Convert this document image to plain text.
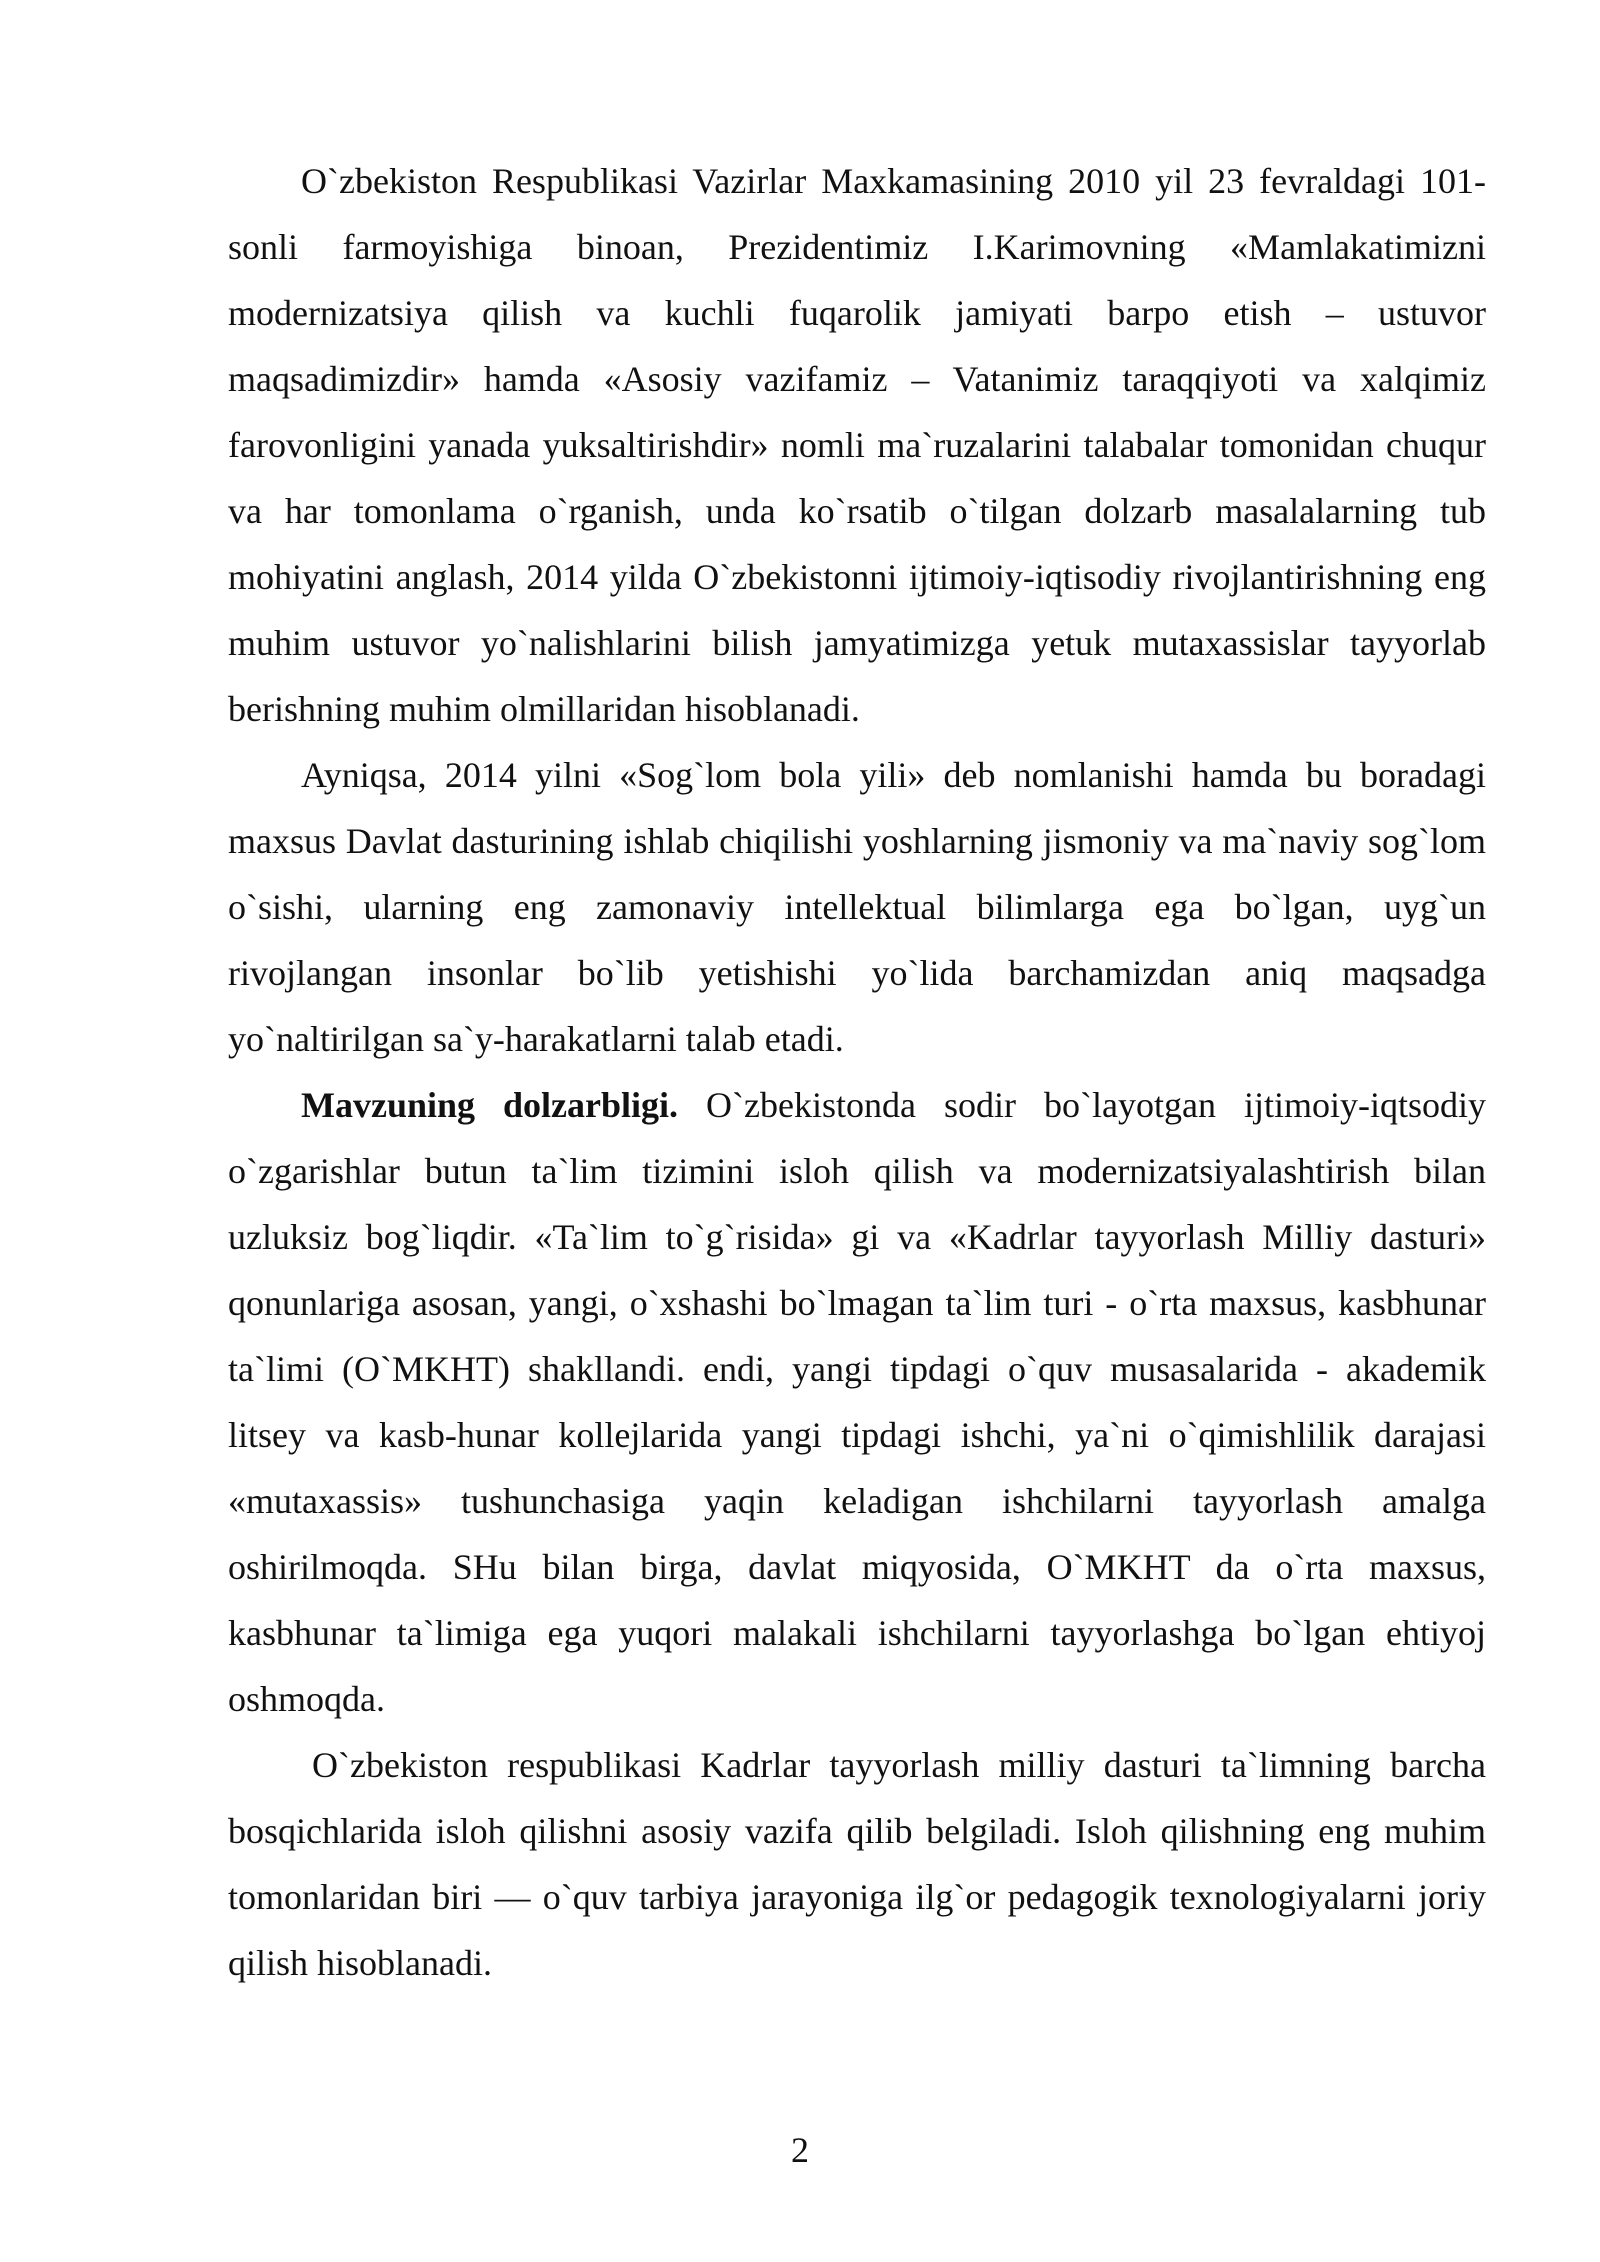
O`zbekiston Respublikasi Vazirlar Maxkamasining 2010 yil 23 fevraldagi 101-sonli farmoyishiga binoan, Prezidentimiz I.Karimovning «Mamlakatimizni modernizatsiya qilish va kuchli fuqarolik jamiyati barpo etish – ustuvor maqsadimizdir» hamda «Asosiy vazifamiz – Vatanimiz taraqqiyoti va xalqimiz farovonligini yanada yuksaltirishdir» nomli ma`ruzalarini talabalar tomonidan chuqur va har tomonlama o`rganish, unda ko`rsatib o`tilgan dolzarb masalalarning tub mohiyatini anglash, 2014 yilda O`zbekistonni ijtimoiy-iqtisodiy rivojlantirishning eng muhim ustuvor yo`nalishlarini bilish jamyatimizga yetuk mutaxassislar tayyorlab berishning muhim olmillaridan hisoblanadi.

Ayniqsa, 2014 yilni «Sog`lom bola yili» deb nomlanishi hamda bu boradagi maxsus Davlat dasturining ishlab chiqilishi yoshlarning jismoniy va ma`naviy sog`lom o`sishi, ularning eng zamonaviy intellektual bilimlarga ega bo`lgan, uyg`un rivojlangan insonlar bo`lib yetishishi yo`lida barchamizdan aniq maqsadga yo`naltirilgan sa`y-harakatlarni talab etadi.

Mavzuning dolzarbligi. O`zbekistonda sodir bo`layotgan ijtimoiy-iqtsodiy o`zgarishlar butun ta`lim tizimini isloh qilish va modernizatsiyalashtirish bilan uzluksiz bog`liqdir. «Ta`lim to`g`risida» gi va «Kadrlar tayyorlash Milliy dasturi» qonunlariga asosan, yangi, o`xshashi bo`lmagan ta`lim turi - o`rta maxsus, kasbhunar ta`limi (O`MKHT) shakllandi. endi, yangi tipdagi o`quv musasalarida - akademik litsey va kasb-hunar kollejlarida yangi tipdagi ishchi, ya`ni o`qimishlilik darajasi «mutaxassis» tushunchasiga yaqin keladigan ishchilarni tayyorlash amalga oshirilmoqda. SHu bilan birga, davlat miqyosida, O`MKHT da o`rta maxsus, kasbhunar ta`limiga ega yuqori malakali ishchilarni tayyorlashga bo`lgan ehtiyoj oshmoqda.

O`zbekiston respublikasi Kadrlar tayyorlash milliy dasturi ta`limning barcha bosqichlarida isloh qilishni asosiy vazifa qilib belgiladi. Isloh qilishning eng muhim tomonlaridan biri — o`quv tarbiya jarayoniga ilg`or pedagogik texnologiyalarni joriy qilish hisoblanadi.

2
